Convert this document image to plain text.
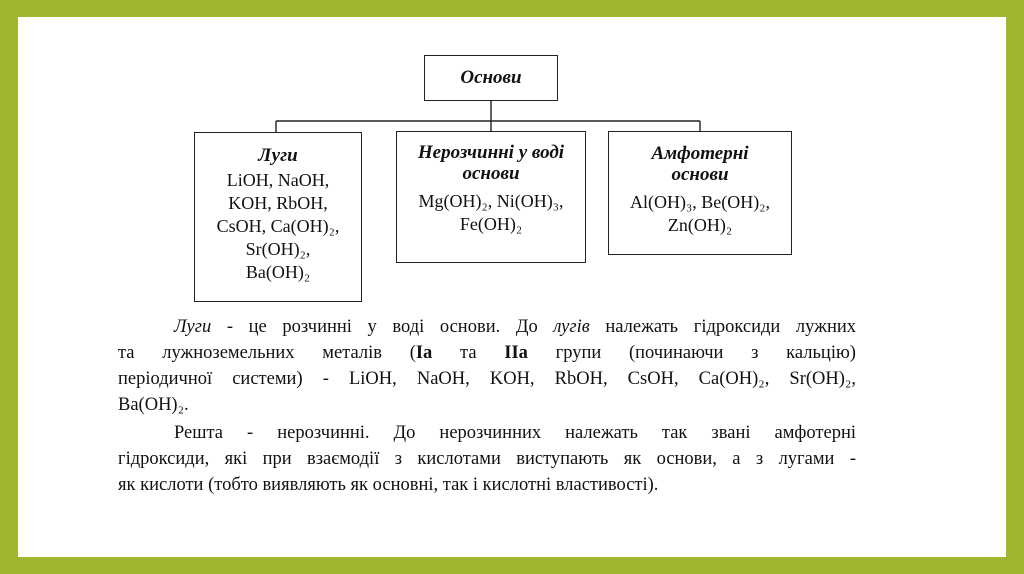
Основи
Луги
LiOH, NaOH,
KOH, RbOH,
CsOH, Ca(OH)₂,
Sr(OH)₂,
Ba(OH)₂
Нерозчинні у воді
основи
Mg(OH)₂, Ni(OH)₃,
Fe(OH)₂
Амфотерні
основи
Al(OH)₃, Be(OH)₂,
Zn(OH)₂
Луги - це розчинні у воді основи. До лугів належать гідроксиди лужних
та лужноземельних металів (Ia та IIa групи (починаючи з кальцію)
періодичної системи) - LiOH, NaOH, KOH, RbOH, CsOH, Ca(OH)₂, Sr(OH)₂,
Ba(OH)₂.
Решта - нерозчинні. До нерозчинних належать так звані амфотерні
гідроксиди, які при взаємодії з кислотами виступають як основи, а з лугами -
як кислоти (тобто виявляють як основні, так і кислотні властивості).
